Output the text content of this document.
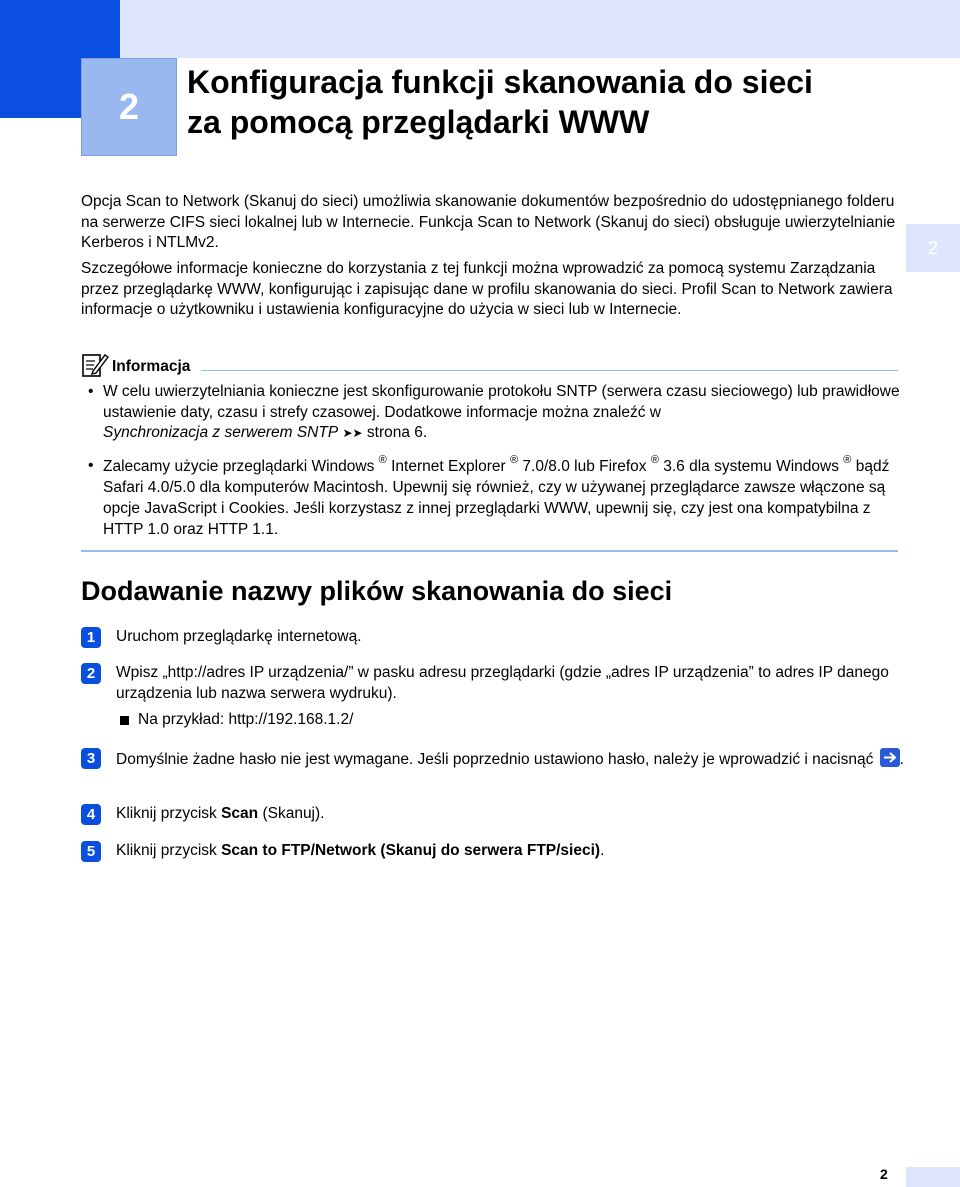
2
Konfiguracja funkcji skanowania do sieci
za pomocą przeglądarki WWW
2
Opcja Scan to Network (Skanuj do sieci) umożliwia skanowanie dokumentów bezpośrednio do udostępnianego folderu na serwerze CIFS sieci lokalnej lub w Internecie. Funkcja Scan to Network (Skanuj do sieci) obsługuje uwierzytelnianie Kerberos i NTLMv2.
Szczegółowe informacje konieczne do korzystania z tej funkcji można wprowadzić za pomocą systemu Zarządzania przez przeglądarkę WWW, konfigurując i zapisując dane w profilu skanowania do sieci. Profil Scan to Network zawiera informacje o użytkowniku i ustawienia konfiguracyjne do użycia w sieci lub w Internecie.
Informacja
• W celu uwierzytelniania konieczne jest skonfigurowanie protokołu SNTP (serwera czasu sieciowego) lub prawidłowe ustawienie daty, czasu i strefy czasowej. Dodatkowe informacje można znaleźć w
Synchronizacja z serwerem SNTP ➤➤ strona 6.
• Zalecamy użycie przeglądarki Windows ® Internet Explorer ® 7.0/8.0 lub Firefox ® 3.6 dla systemu Windows ® bądź Safari 4.0/5.0 dla komputerów Macintosh. Upewnij się również, czy w używanej przeglądarce zawsze włączone są opcje JavaScript i Cookies. Jeśli korzystasz z innej przeglądarki WWW, upewnij się, czy jest ona kompatybilna z HTTP 1.0 oraz HTTP 1.1.
Dodawanie nazwy plików skanowania do sieci
1	Uruchom przeglądarkę internetową.
2	Wpisz „http://adres IP urządzenia/” w pasku adresu przeglądarki (gdzie „adres IP urządzenia” to adres IP danego urządzenia lub nazwa serwera wydruku).
Na przykład: http://192.168.1.2/
3	Domyślnie żadne hasło nie jest wymagane. Jeśli poprzednio ustawiono hasło, należy je wprowadzić i nacisnąć .
4	Kliknij przycisk Scan (Skanuj).
5	Kliknij przycisk Scan to FTP/Network (Skanuj do serwera FTP/sieci).
2
